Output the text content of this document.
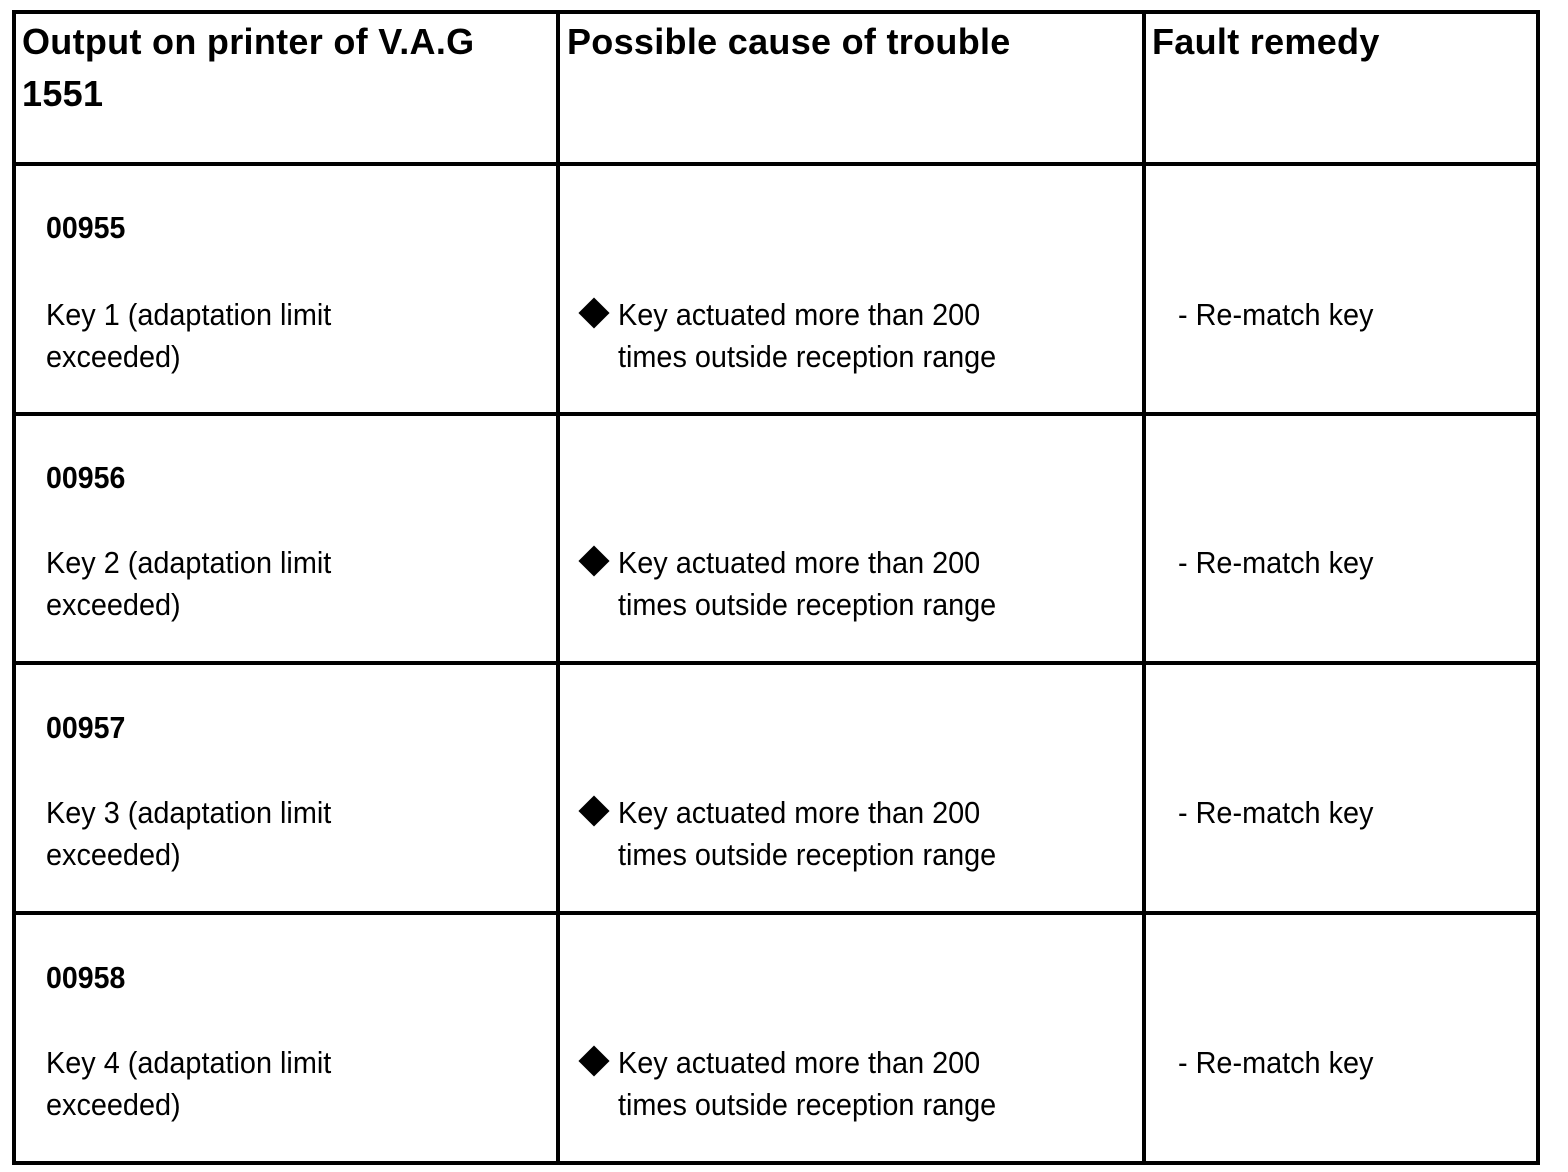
Output on printer of V.A.G
1551
Possible cause of trouble	Fault remedy
00955
Key 1 (adaptation limit
exceeded)
Key actuated more than 200
times outside reception range
- Re-match key
00956
Key 2 (adaptation limit
exceeded)
Key actuated more than 200
times outside reception range
- Re-match key
00957
Key 3 (adaptation limit
exceeded)
Key actuated more than 200
times outside reception range
- Re-match key
00958
Key 4 (adaptation limit
exceeded)
Key actuated more than 200
times outside reception range
- Re-match key
